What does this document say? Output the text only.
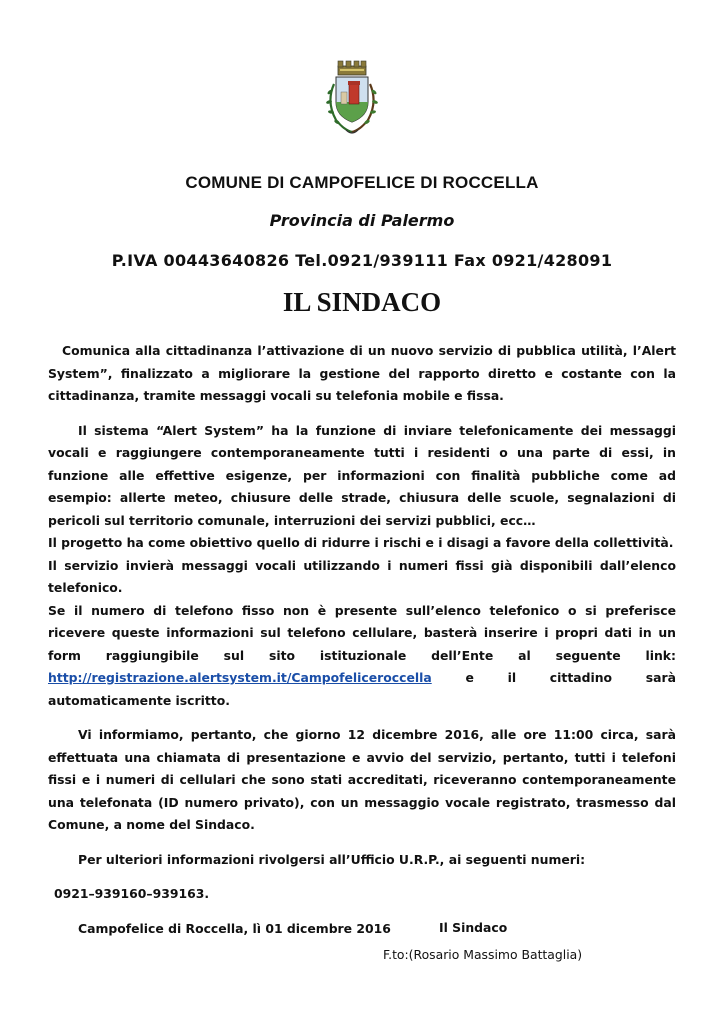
COMUNE DI CAMPOFELICE DI ROCCELLA
Provincia di Palermo
P.IVA 00443640826 Tel.0921/939111 Fax 0921/428091
IL SINDACO

Comunica alla cittadinanza l’attivazione di un nuovo servizio di pubblica utilità, l’Alert System”, finalizzato a migliorare la gestione del rapporto diretto e costante con la cittadinanza, tramite messaggi vocali su telefonia mobile e fissa.

Il sistema “Alert System” ha la funzione di inviare telefonicamente dei messaggi vocali e raggiungere contemporaneamente tutti i residenti o una parte di essi, in funzione alle effettive esigenze, per informazioni con finalità pubbliche come ad esempio: allerte meteo, chiusure delle strade, chiusura delle scuole, segnalazioni di pericoli sul territorio comunale, interruzioni dei servizi pubblici, ecc…

Il progetto ha come obiettivo quello di ridurre i rischi e i disagi a favore della collettività.

Il servizio invierà messaggi vocali utilizzando i numeri fissi già disponibili dall’elenco telefonico.

Se il numero di telefono fisso non è presente sull’elenco telefonico o si preferisce ricevere queste informazioni sul telefono cellulare, basterà inserire i propri dati in un form raggiungibile sul sito istituzionale dell’Ente al seguente link: http://registrazione.alertsystem.it/Campofeliceroccella e il cittadino sarà automaticamente iscritto.

Vi informiamo, pertanto, che giorno 12 dicembre 2016, alle ore 11:00 circa, sarà effettuata una chiamata di presentazione e avvio del servizio, pertanto, tutti i telefoni fissi e i numeri di cellulari che sono stati accreditati, riceveranno contemporaneamente una telefonata (ID numero privato), con un messaggio vocale registrato, trasmesso dal Comune, a nome del Sindaco.

Per ulteriori informazioni rivolgersi all’Ufficio U.R.P., ai seguenti numeri:

0921–939160–939163.

Campofelice di Roccella, lì 01 dicembre 2016	Il Sindaco
F.to:(Rosario Massimo Battaglia)
